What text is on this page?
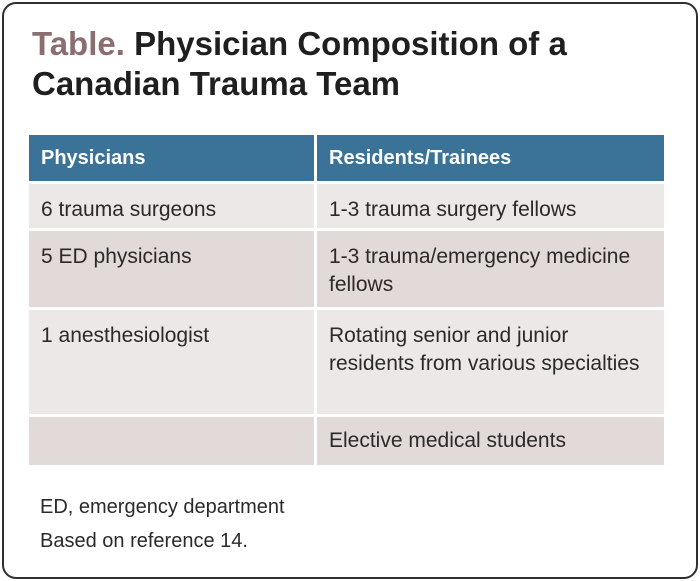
Table. Physician Composition of a Canadian Trauma Team
Physicians	Residents/Trainees
6 trauma surgeons	1-3 trauma surgery fellows
5 ED physicians	1-3 trauma/emergency medicine fellows
1 anesthesiologist	Rotating senior and junior residents from various specialties
	Elective medical students

ED, emergency department

Based on reference 14.
